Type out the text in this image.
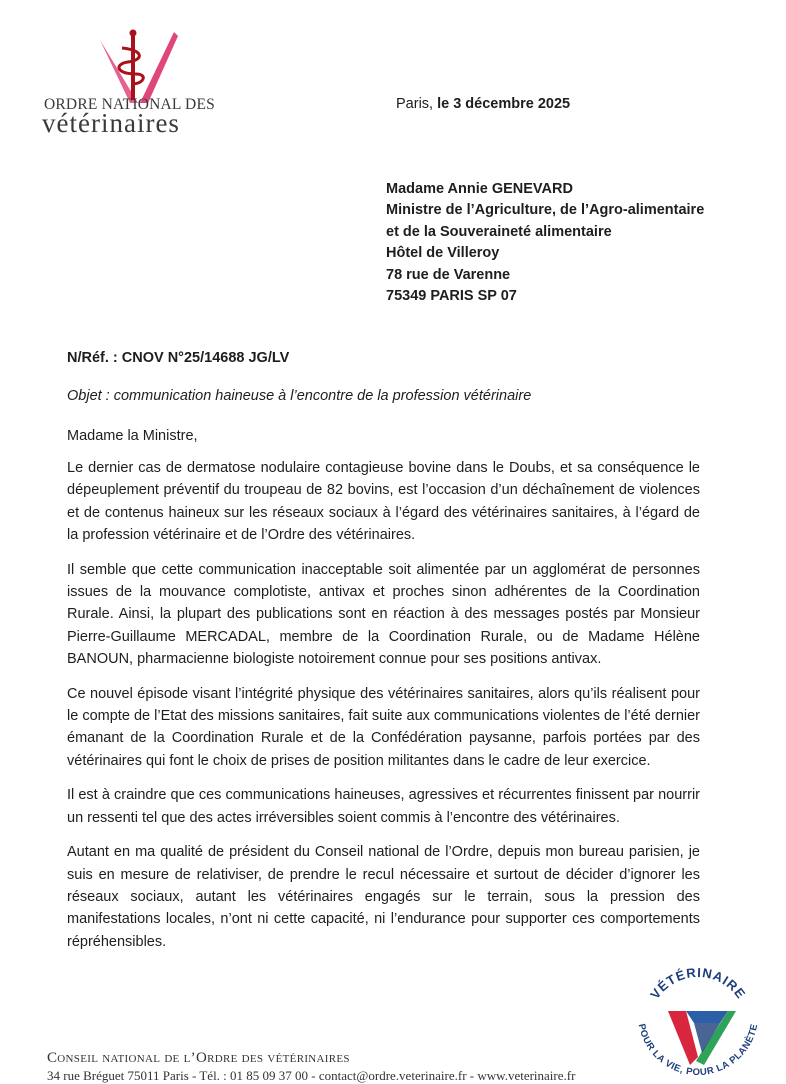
ORDRE NATIONAL DES
vétérinaires
Paris, le 3 décembre 2025
Madame Annie GENEVARD
Ministre de l’Agriculture, de l’Agro-alimentaire
et de la Souveraineté alimentaire
Hôtel de Villeroy
78 rue de Varenne
75349 PARIS SP 07
N/Réf. : CNOV N°25/14688 JG/LV
Objet : communication haineuse à l’encontre de la profession vétérinaire
Madame la Ministre,

Le dernier cas de dermatose nodulaire contagieuse bovine dans le Doubs, et sa conséquence le dépeuplement préventif du troupeau de 82 bovins, est l’occasion d’un déchaînement de violences et de contenus haineux sur les réseaux sociaux à l’égard des vétérinaires sanitaires, à l’égard de la profession vétérinaire et de l’Ordre des vétérinaires.

Il semble que cette communication inacceptable soit alimentée par un agglomérat de personnes issues de la mouvance complotiste, antivax et proches sinon adhérentes de la Coordination Rurale. Ainsi, la plupart des publications sont en réaction à des messages postés par Monsieur Pierre-Guillaume MERCADAL, membre de la Coordination Rurale, ou de Madame Hélène BANOUN, pharmacienne biologiste notoirement connue pour ses positions antivax.

Ce nouvel épisode visant l’intégrité physique des vétérinaires sanitaires, alors qu’ils réalisent pour le compte de l’Etat des missions sanitaires, fait suite aux communications violentes de l’été dernier émanant de la Coordination Rurale et de la Confédération paysanne, parfois portées par des vétérinaires qui font le choix de prises de position militantes dans le cadre de leur exercice.

Il est à craindre que ces communications haineuses, agressives et récurrentes finissent par nourrir un ressenti tel que des actes irréversibles soient commis à l’encontre des vétérinaires.

Autant en ma qualité de président du Conseil national de l’Ordre, depuis mon bureau parisien, je suis en mesure de relativiser, de prendre le recul nécessaire et surtout de décider d’ignorer les réseaux sociaux, autant les vétérinaires engagés sur le terrain, sous la pression des manifestations locales, n’ont ni cette capacité, ni l’endurance pour supporter ces comportements répréhensibles.

VÉTÉRINAIRE
POUR LA VIE, POUR LA PLANÈTE
Conseil national de l’Ordre des vétérinaires
34 rue Bréguet 75011 Paris - Tél. : 01 85 09 37 00 - contact@ordre.veterinaire.fr - www.veterinaire.fr
